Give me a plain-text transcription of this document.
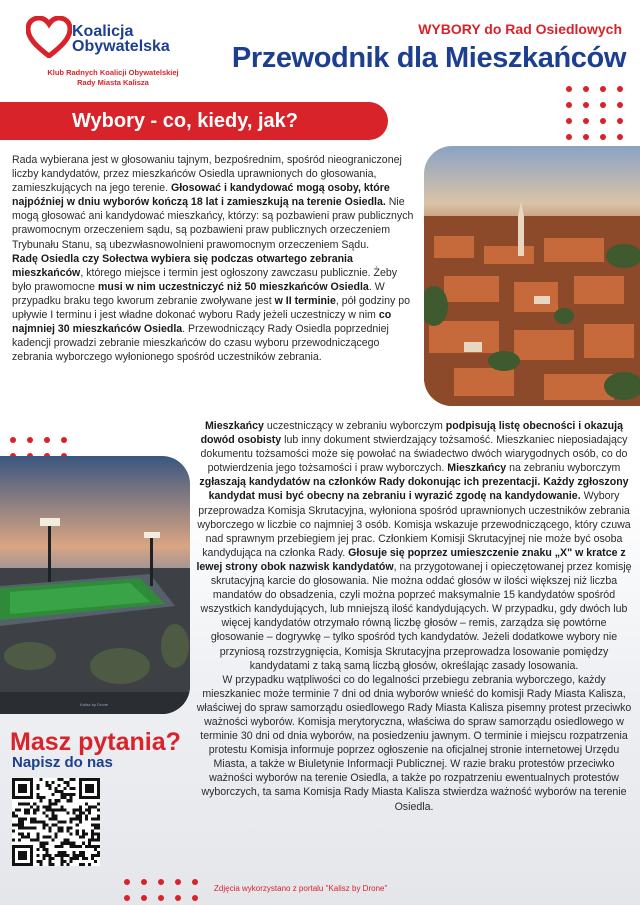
Koalicja
Obywatelska
Klub Radnych Koalicji Obywatelskiej
Rady Miasta Kalisza
WYBORY do Rad Osiedlowych
Przewodnik dla Mieszkańców
Wybory - co, kiedy, jak?
Rada wybierana jest w głosowaniu tajnym, bezpośrednim, spośród nieograniczonej liczby kandydatów, przez mieszkańców Osiedla uprawnionych do głosowania, zamieszkujących na jego terenie. Głosować i kandydować mogą osoby, które najpóźniej w dniu wyborów kończą 18 lat i zamieszkują na terenie Osiedla. Nie mogą głosować ani kandydować mieszkańcy, którzy: są pozbawieni praw publicznych prawomocnym orzeczeniem sądu, są pozbawieni praw publicznych orzeczeniem Trybunału Stanu, są ubezwłasnowolnieni prawomocnym orzeczeniem Sądu.
Radę Osiedla czy Sołectwa wybiera się podczas otwartego zebrania mieszkańców, którego miejsce i termin jest ogłoszony zawczasu publicznie. Żeby było prawomocne musi w nim uczestniczyć niż 50 mieszkańców Osiedla. W przypadku braku tego kworum zebranie zwoływane jest w II terminie, pół godziny po upływie I terminu i jest władne dokonać wyboru Rady jeżeli uczestniczy w nim co najmniej 30 mieszkańców Osiedla. Przewodniczący Rady Osiedla poprzedniej kadencji prowadzi zebranie mieszkańców do czasu wyboru przewodniczącego zebrania wyborczego wyłonionego spośród uczestników zebrania.
Kalisz by Drone

Mieszkańcy uczestniczący w zebraniu wyborczym podpisują listę obecności i okazują dowód osobisty lub inny dokument stwierdzający tożsamość. Mieszkaniec nieposiadający dokumentu tożsamości może się powołać na świadectwo dwóch wiarygodnych osób, co do potwierdzenia jego tożsamości i praw wyborczych. Mieszkańcy na zebraniu wyborczym zgłaszają kandydatów na członków Rady dokonując ich prezentacji. Każdy zgłoszony kandydat musi być obecny na zebraniu i wyrazić zgodę na kandydowanie. Wybory przeprowadza Komisja Skrutacyjna, wyłoniona spośród uprawnionych uczestników zebrania wyborczego w liczbie co najmniej 3 osób. Komisja wskazuje przewodniczącego, który czuwa nad sprawnym przebiegiem jej prac. Członkiem Komisji Skrutacyjnej nie może być osoba kandydująca na członka Rady. Głosuje się poprzez umieszczenie znaku „X" w kratce z lewej strony obok nazwisk kandydatów, na przygotowanej i opieczętowanej przez komisję skrutacyjną karcie do głosowania. Nie można oddać głosów w ilości większej niż liczba mandatów do obsadzenia, czyli można poprzeć maksymalnie 15 kandydatów spośród wszystkich kandydujących, lub mniejszą ilość kandydujących. W przypadku, gdy dwóch lub więcej kandydatów otrzymało równą liczbę głosów – remis, zarządza się powtórne głosowanie – dogrywkę – tylko spośród tych kandydatów. Jeżeli dodatkowe wybory nie przyniosą rozstrzygnięcia, Komisja Skrutacyjna przeprowadza losowanie pomiędzy kandydatami z taką samą liczbą głosów, określając zasady losowania.

W przypadku wątpliwości co do legalności przebiegu zebrania wyborczego, każdy mieszkaniec może terminie 7 dni od dnia wyborów wnieść do komisji Rady Miasta Kalisza, właściwej do spraw samorządu osiedlowego Rady Miasta Kalisza pisemny protest przeciwko ważności wyborów. Komisja merytoryczna, właściwa do spraw samorządu osiedlowego w terminie 30 dni od dnia wyborów, na posiedzeniu jawnym. O terminie i miejscu rozpatrzenia protestu Komisja informuje poprzez ogłoszenie na oficjalnej stronie internetowej Urzędu Miasta, a także w Biuletynie Informacji Publicznej. W razie braku protestów przeciwko ważności wyborów na terenie Osiedla, a także po rozpatrzeniu ewentualnych protestów wyborczych, ta sama Komisja Rady Miasta Kalisza stwierdza ważność wyborów na terenie Osiedla.

Masz pytania?
Napisz do nas
Zdjęcia wykorzystano z portalu "Kalisz by Drone"
